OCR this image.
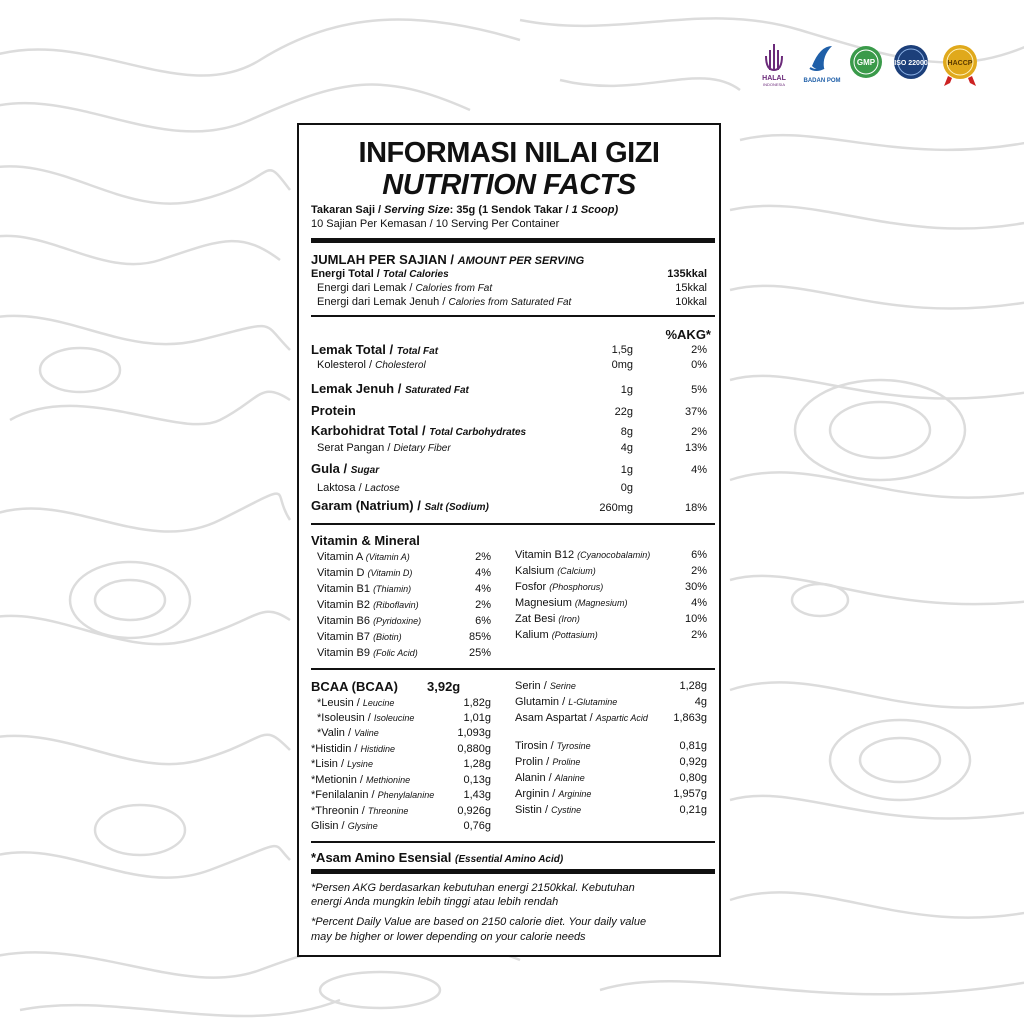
HALAL
INDONESIA
BADAN POM
GMP	ISO 22000	HACCP
INFORMASI NILAI GIZI
NUTRITION FACTS
Takaran Saji / Serving Size: 35g (1 Sendok Takar / 1 Scoop)
10 Sajian Per Kemasan / 10 Serving Per Container
JUMLAH PER SAJIAN / AMOUNT PER SERVING
Energi Total / Total Calories	135kkal
Energi dari Lemak / Calories from Fat	15kkal
Energi dari Lemak Jenuh / Calories from Saturated Fat	10kkal
%AKG*
Lemak Total / Total Fat	1,5g	2%
Kolesterol / Cholesterol	0mg	0%
Lemak Jenuh / Saturated Fat	1g	5%
Protein	22g	37%
Karbohidrat Total / Total Carbohydrates	8g	2%
Serat Pangan / Dietary Fiber	4g	13%
Gula / Sugar	1g	4%
Laktosa / Lactose	0g
Garam (Natrium) / Salt (Sodium)	260mg	18%
Vitamin & Mineral
Vitamin A (Vitamin A)	2%
Vitamin D (Vitamin D)	4%
Vitamin B1 (Thiamin)	4%
Vitamin B2 (Riboflavin)	2%
Vitamin B6 (Pyridoxine)	6%
Vitamin B7 (Biotin)	85%
Vitamin B9 (Folic Acid)	25%
Vitamin B12 (Cyanocobalamin)	6%
Kalsium (Calcium)	2%
Fosfor (Phosphorus)	30%
Magnesium (Magnesium)	4%
Zat Besi (Iron)	10%
Kalium (Pottasium)	2%
BCAA (BCAA) 3,92g
*Leusin / Leucine	1,82g
*Isoleusin / Isoleucine	1,01g
*Valin / Valine	1,093g
*Histidin / Histidine	0,880g
*Lisin / Lysine	1,28g
*Metionin / Methionine	0,13g
*Fenilalanin / Phenylalanine	1,43g
*Threonin / Threonine	0,926g
Glisin / Glysine	0,76g
Serin / Serine	1,28g
Glutamin / L-Glutamine	4g
Asam Aspartat / Aspartic Acid 1,863g
Tirosin / Tyrosine	0,81g
Prolin / Proline	0,92g
Alanin / Alanine	0,80g
Arginin / Arginine	1,957g
Sistin / Cystine	0,21g
*Asam Amino Esensial (Essential Amino Acid)
*Persen AKG berdasarkan kebutuhan energi 2150kkal. Kebutuhan
energi Anda mungkin lebih tinggi atau lebih rendah
*Percent Daily Value are based on 2150 calorie diet. Your daily value
may be higher or lower depending on your calorie needs
